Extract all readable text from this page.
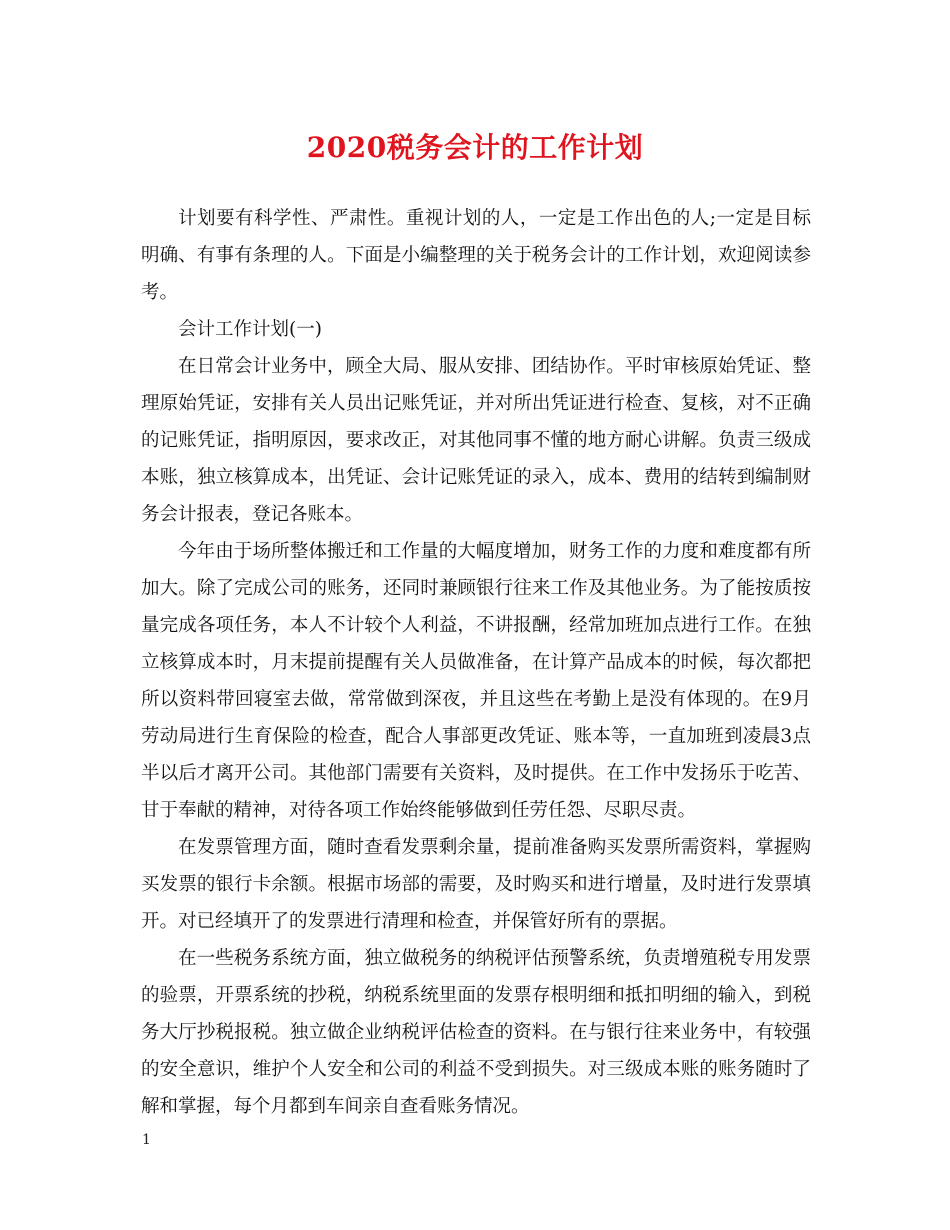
2020税务会计的工作计划

计划要有科学性、严肃性。重视计划的人，一定是工作出色的人;一定是目标明确、有事有条理的人。下面是小编整理的关于税务会计的工作计划，欢迎阅读参考。

会计工作计划(一)

在日常会计业务中，顾全大局、服从安排、团结协作。平时审核原始凭证、整理原始凭证，安排有关人员出记账凭证，并对所出凭证进行检查、复核，对不正确的记账凭证，指明原因，要求改正，对其他同事不懂的地方耐心讲解。负责三级成本账，独立核算成本，出凭证、会计记账凭证的录入，成本、费用的结转到编制财务会计报表，登记各账本。

今年由于场所整体搬迁和工作量的大幅度增加，财务工作的力度和难度都有所加大。除了完成公司的账务，还同时兼顾银行往来工作及其他业务。为了能按质按量完成各项任务，本人不计较个人利益，不讲报酬，经常加班加点进行工作。在独立核算成本时，月末提前提醒有关人员做准备，在计算产品成本的时候，每次都把所以资料带回寝室去做，常常做到深夜，并且这些在考勤上是没有体现的。在9月劳动局进行生育保险的检查，配合人事部更改凭证、账本等，一直加班到凌晨3点半以后才离开公司。其他部门需要有关资料，及时提供。在工作中发扬乐于吃苦、甘于奉献的精神，对待各项工作始终能够做到任劳任怨、尽职尽责。

在发票管理方面，随时查看发票剩余量，提前准备购买发票所需资料，掌握购买发票的银行卡余额。根据市场部的需要，及时购买和进行增量，及时进行发票填开。对已经填开了的发票进行清理和检查，并保管好所有的票据。

在一些税务系统方面，独立做税务的纳税评估预警系统，负责增殖税专用发票的验票，开票系统的抄税，纳税系统里面的发票存根明细和抵扣明细的输入，到税务大厅抄税报税。独立做企业纳税评估检查的资料。在与银行往来业务中，有较强的安全意识，维护个人安全和公司的利益不受到损失。对三级成本账的账务随时了解和掌握，每个月都到车间亲自查看账务情况。

1
